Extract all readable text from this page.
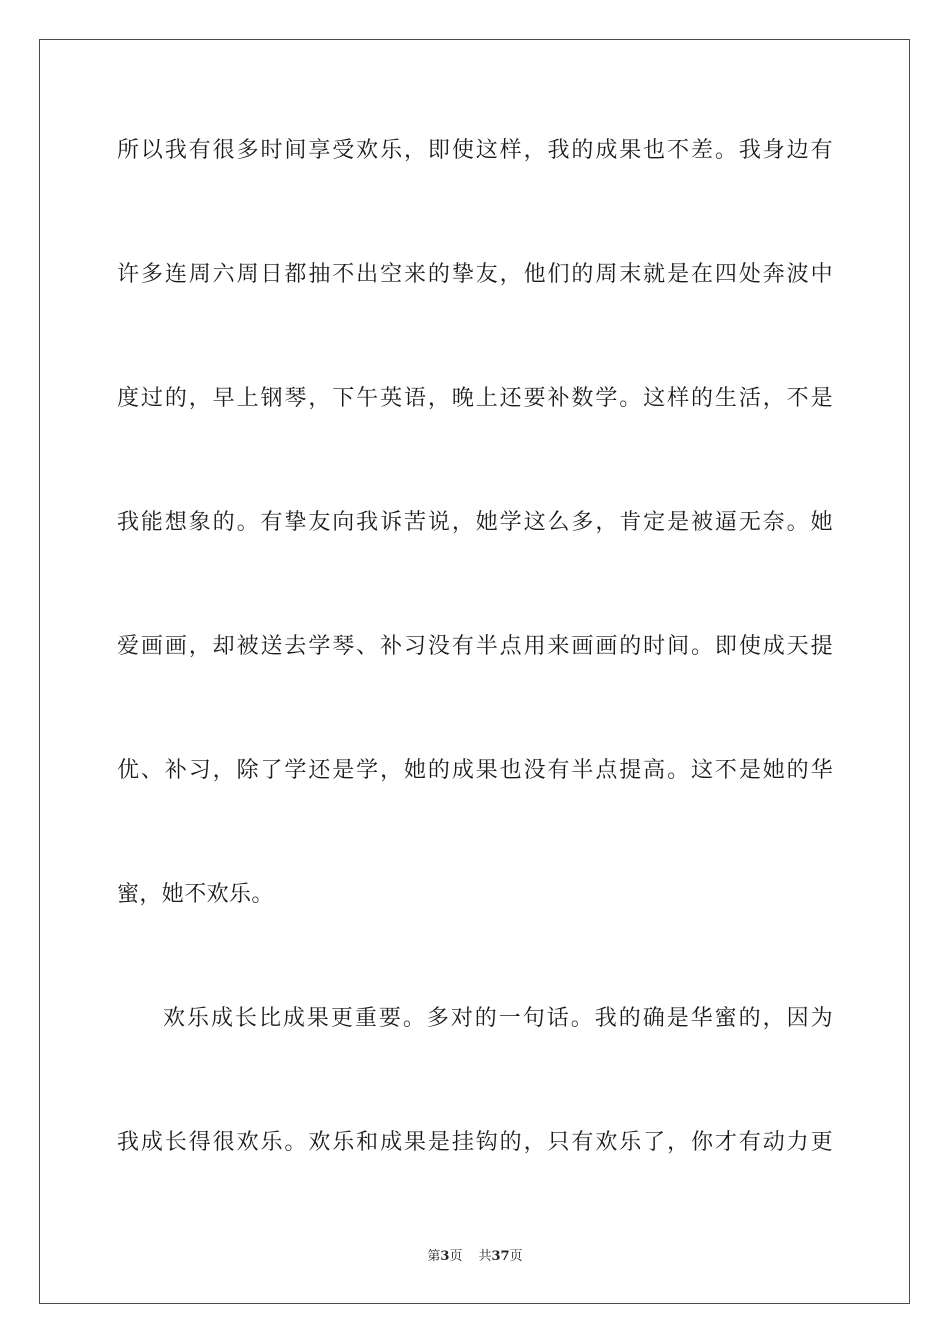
所以我有很多时间享受欢乐，即使这样，我的成果也不差。我身边有

许多连周六周日都抽不出空来的挚友，他们的周末就是在四处奔波中

度过的，早上钢琴，下午英语，晚上还要补数学。这样的生活，不是

我能想象的。有挚友向我诉苦说，她学这么多，肯定是被逼无奈。她

爱画画，却被送去学琴、补习没有半点用来画画的时间。即使成天提

优、补习，除了学还是学，她的成果也没有半点提高。这不是她的华

蜜，她不欢乐。

欢乐成长比成果更重要。多对的一句话。我的确是华蜜的，因为

我成长得很欢乐。欢乐和成果是挂钩的，只有欢乐了，你才有动力更

第3页 共37页
